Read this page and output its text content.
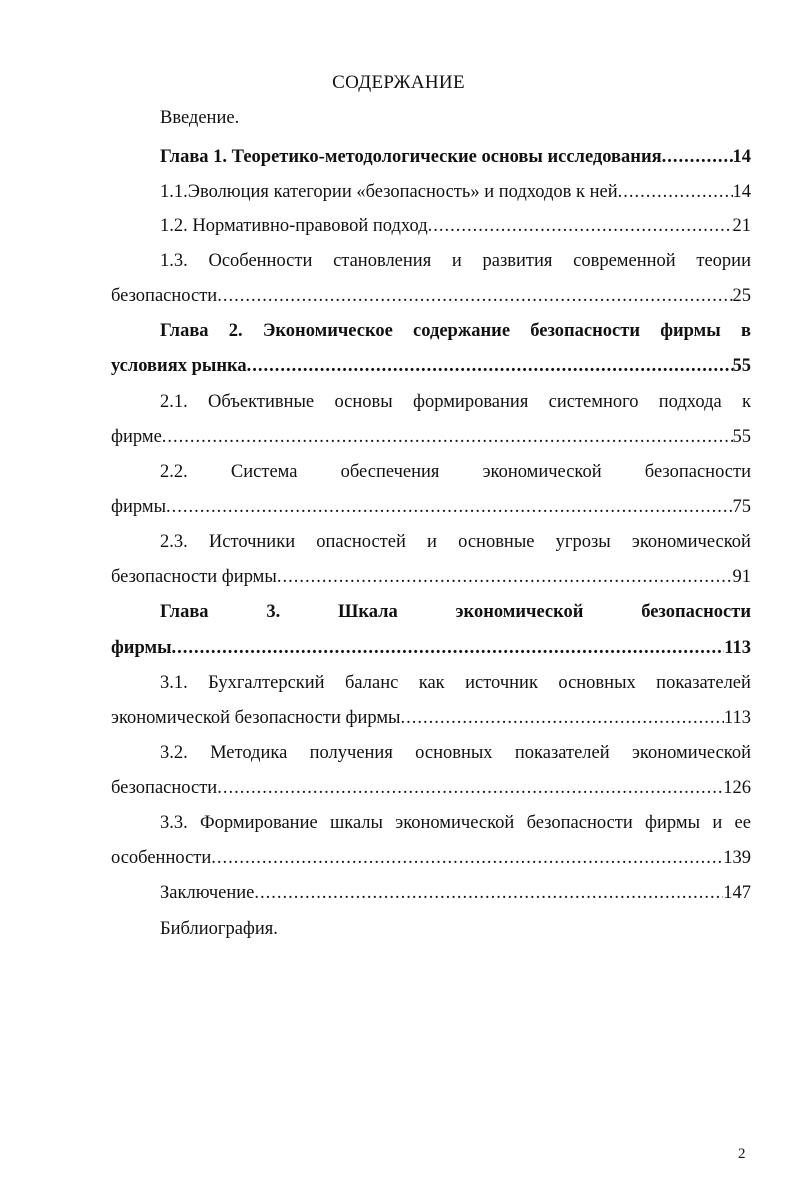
СОДЕРЖАНИЕ
Введение.
Глава 1. Теоретико-методологические основы исследования .....	14
1.1.Эволюция категории «безопасность» и подходов к ней .....	14
1.2. Нормативно-правовой подход .....	21
1.3. Особенности становления и развития современной теории
безопасности .....	25
Глава 2. Экономическое содержание безопасности фирмы в
условиях рынка .....	55
2.1. Объективные основы формирования системного подхода к
фирме .....	55
2.2. Система обеспечения экономической безопасности
фирмы .....	75
2.3. Источники опасностей и основные угрозы экономической
безопасности фирмы .....	91
Глава	3.	Шкала	экономической	безопасности
фирмы .....	113
3.1. Бухгалтерский баланс как источник основных показателей
экономической безопасности фирмы .....	113
3.2. Методика получения основных показателей экономической
безопасности .....	126
3.3. Формирование шкалы экономической безопасности фирмы и ее
особенности .....	139
Заключение .....	147
Библиография.
2
